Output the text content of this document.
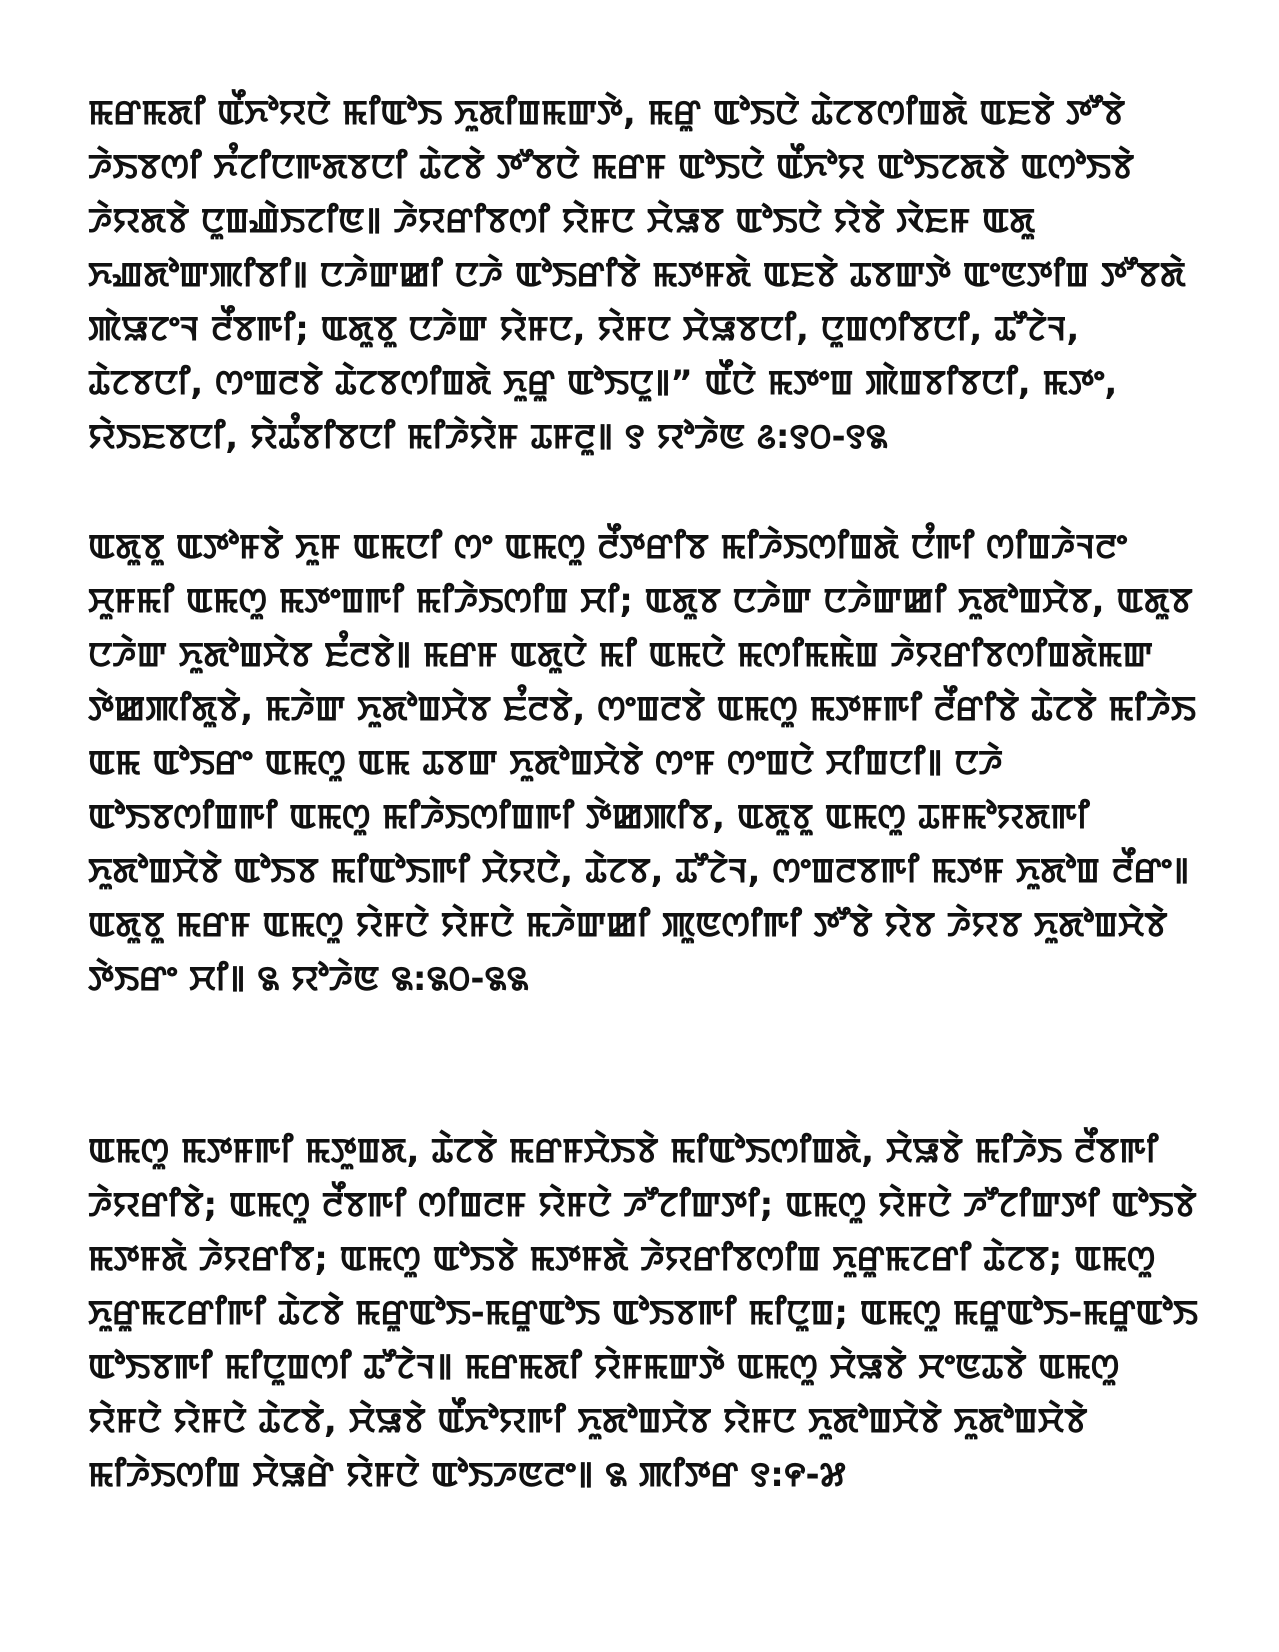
ꯃꯔꯃꯗꯤ ꯑꯩꯈꯣꯌꯅꯥ ꯃꯤꯑꯣꯏ ꯈꯨꯗꯤꯡꯃꯛꯇꯥ, ꯃꯔꯨ ꯑꯣꯏꯅꯥ ꯊꯥꯖꯕꯁꯤꯡꯗꯥ ꯑꯐꯕꯥ ꯇꯧꯕꯥ ꯍꯥꯏꯕꯁꯤ ꯈꯪꯖꯤꯅꯒꯗꯕꯅꯤ ꯊꯥꯖꯕꯥ ꯇꯧꯕꯅꯥ ꯃꯔꯝ ꯑꯣꯏꯅꯥ ꯑꯩꯈꯣꯌ ꯑꯣꯏꯖꯗꯕꯥ ꯑꯁꯣꯏꯕꯥ ꯍꯥꯌꯗꯕꯥ ꯅꯨꯡꯉꯥꯏꯖꯤꯟ꯫ ꯍꯥꯌꯔꯤꯕꯁꯤ ꯌꯥꯝꯅ ꯆꯥꯎꯕ ꯑꯣꯏꯅꯥ ꯌꯥꯕꯥ ꯋꯥꯐꯝ ꯑꯗꯨ ꯈꯉꯗꯣꯛꯄꯤꯕꯤ꯫ ꯅꯍꯥꯛꯀꯤ ꯅꯍꯥ ꯑꯣꯏꯔꯤꯕꯥ ꯃꯇꯝꯗꯥ ꯑꯐꯕꯥ ꯊꯕꯛꯇꯥ ꯑꯦꯟꯇꯤꯡ ꯇꯧꯕꯗꯥ ꯄꯥꯎꯖꯦꯜ ꯂꯩꯕꯒꯤ; ꯑꯗꯨꯕꯨ ꯅꯍꯥꯛ ꯌꯥꯝꯅ, ꯌꯥꯝꯅ ꯆꯥꯎꯕꯅꯤ, ꯅꯨꯡꯁꯤꯕꯅꯤ, ꯊꯧꯖꯥꯜ, ꯊꯥꯖꯕꯅꯤ, ꯁꯦꯡꯂꯕꯥ ꯊꯥꯖꯕꯁꯤꯡꯗꯥ ꯈꯨꯔꯨ ꯑꯣꯏꯅꯨ꯫” ꯑꯩꯅꯥ ꯃꯇꯦꯡ ꯄꯥꯡꯕꯤꯕꯅꯤ, ꯃꯇꯦ, ꯌꯥꯏꯐꯕꯅꯤ, ꯌꯥꯊꯪꯕꯤꯕꯅꯤ ꯃꯤꯍꯥꯌꯥꯝ ꯊꯝꯂꯨ꯫ ꯱ ꯌꯣꯍꯥꯟ ꯴:꯱꯰-꯱꯲

ꯑꯗꯨꯕꯨ ꯑꯇꯣꯝꯕꯥ ꯈꯨꯝ ꯑꯃꯅꯤ ꯁꯦ ꯑꯃꯁꯨ ꯂꯩꯇꯔꯤꯕ ꯃꯤꯍꯥꯏꯁꯤꯡꯗꯥ ꯅꯪꯒꯤ ꯁꯤꯡꯍꯥꯜꯂꯦ ꯆꯨꯝꯃꯤ ꯑꯃꯁꯨ ꯃꯇꯦꯡꯒꯤ ꯃꯤꯍꯥꯏꯁꯤꯡ ꯆꯤ; ꯑꯗꯨꯕ ꯅꯍꯥꯛ ꯅꯍꯥꯛꯀꯤ ꯈꯨꯗꯣꯡꯆꯥꯕ, ꯑꯗꯨꯕ ꯅꯍꯥꯛ ꯈꯨꯗꯣꯡꯆꯥꯕ ꯐꯪꯂꯕꯥ꯫ ꯃꯔꯝ ꯑꯗꯨꯅꯥ ꯃꯤ ꯑꯃꯅꯥ ꯃꯁꯤꯃꯃꯥꯡ ꯍꯥꯌꯔꯤꯕꯁꯤꯡꯗꯥꯃꯛ ꯇꯥꯀꯄꯤꯗꯨꯕꯥ, ꯃꯍꯥꯛ ꯈꯨꯗꯣꯡꯆꯥꯕ ꯐꯪꯂꯕꯥ, ꯁꯦꯡꯂꯕꯥ ꯑꯃꯁꯨ ꯃꯇꯝꯒꯤ ꯂꯩꯔꯤꯕꯥ ꯊꯥꯖꯕꯥ ꯃꯤꯍꯥꯏ ꯑꯃ ꯑꯣꯏꯔꯦ ꯑꯃꯁꯨ ꯑꯃ ꯊꯕꯛ ꯈꯨꯗꯣꯡꯆꯥꯕꯥ ꯁꯦꯝ ꯁꯦꯡꯅꯥ ꯆꯤꯡꯅꯤ꯫ ꯅꯍꯥ ꯑꯣꯏꯕꯁꯤꯡꯒꯤ ꯑꯃꯁꯨ ꯃꯤꯍꯥꯏꯁꯤꯡꯒꯤ ꯇꯥꯀꯄꯤꯕ, ꯑꯗꯨꯕꯨ ꯑꯃꯁꯨ ꯊꯝꯃꯣꯌꯗꯒꯤ ꯈꯨꯗꯣꯡꯆꯥꯕꯥ ꯑꯣꯏꯕ ꯃꯤꯑꯣꯏꯒꯤ ꯆꯥꯌꯅꯥ, ꯊꯥꯖꯕ, ꯊꯧꯖꯥꯜ, ꯁꯦꯡꯂꯕꯒꯤ ꯃꯇꯝ ꯈꯨꯗꯣꯡ ꯂꯩꯔꯦ꯫ ꯑꯗꯨꯕꯨ ꯃꯔꯝ ꯑꯃꯁꯨ ꯌꯥꯝꯅꯥ ꯌꯥꯝꯅꯥ ꯃꯍꯥꯛꯀꯤ ꯄꯨꯟꯁꯤꯒꯤ ꯇꯧꯕꯥ ꯌꯥꯕ ꯍꯥꯌꯕ ꯈꯨꯗꯣꯡꯆꯥꯕꯥ ꯇꯥꯏꯔꯦ ꯆꯤ꯫ ꯲ ꯌꯣꯍꯥꯟ ꯲:꯲꯰-꯲꯲

ꯑꯃꯁꯨ ꯃꯇꯝꯒꯤ ꯃꯇꯨꯡꯗ, ꯊꯥꯖꯕꯥ ꯃꯔꯝꯆꯥꯏꯕꯥ ꯃꯤꯑꯣꯏꯁꯤꯡꯗꯥ, ꯆꯥꯎꯕꯥ ꯃꯤꯍꯥꯏ ꯂꯩꯕꯒꯤ ꯍꯥꯌꯔꯤꯕꯥ; ꯑꯃꯁꯨ ꯂꯩꯕꯒꯤ ꯁꯤꯡꯂꯝ ꯌꯥꯝꯅꯥ ꯍꯧꯖꯤꯛꯇꯤ; ꯑꯃꯁꯨ ꯌꯥꯝꯅꯥ ꯍꯧꯖꯤꯛꯇꯤ ꯑꯣꯏꯕꯥ ꯃꯇꯝꯗꯥ ꯍꯥꯌꯔꯤꯕ; ꯑꯃꯁꯨ ꯑꯣꯏꯕꯥ ꯃꯇꯝꯗꯥ ꯍꯥꯌꯔꯤꯕꯁꯤꯡ ꯈꯨꯔꯨꯃꯖꯔꯤ ꯊꯥꯖꯕ; ꯑꯃꯁꯨ ꯈꯨꯔꯨꯃꯖꯔꯤꯒꯤ ꯊꯥꯖꯕꯥ ꯃꯔꯨꯑꯣꯏ-ꯃꯔꯨꯑꯣꯏ ꯑꯣꯏꯕꯒꯤ ꯃꯤꯅꯨꯡ; ꯑꯃꯁꯨ ꯃꯔꯨꯑꯣꯏ-ꯃꯔꯨꯑꯣꯏ ꯑꯣꯏꯕꯒꯤ ꯃꯤꯅꯨꯡꯁꯤ ꯊꯧꯖꯥꯜ꯫ ꯃꯔꯃꯗꯤ ꯌꯥꯝꯃꯛꯇꯥ ꯑꯃꯁꯨ ꯆꯥꯎꯕꯥ ꯆꯦꯟꯊꯕꯥ ꯑꯃꯁꯨ ꯌꯥꯝꯅꯥ ꯌꯥꯝꯅꯥ ꯊꯥꯖꯕꯥ, ꯆꯥꯎꯕꯥ ꯑꯩꯈꯣꯌꯒꯤ ꯈꯨꯗꯣꯡꯆꯥꯕ ꯌꯥꯝꯅ ꯈꯨꯗꯣꯡꯆꯥꯕꯥ ꯈꯨꯗꯣꯡꯆꯥꯕꯥ ꯃꯤꯍꯥꯏꯁꯤꯡ ꯆꯥꯎꯔꯥ ꯌꯥꯝꯅꯥ ꯑꯣꯏꯍꯟꯂꯦ꯫ ꯲ ꯄꯤꯇꯔ ꯱:꯵-꯷
